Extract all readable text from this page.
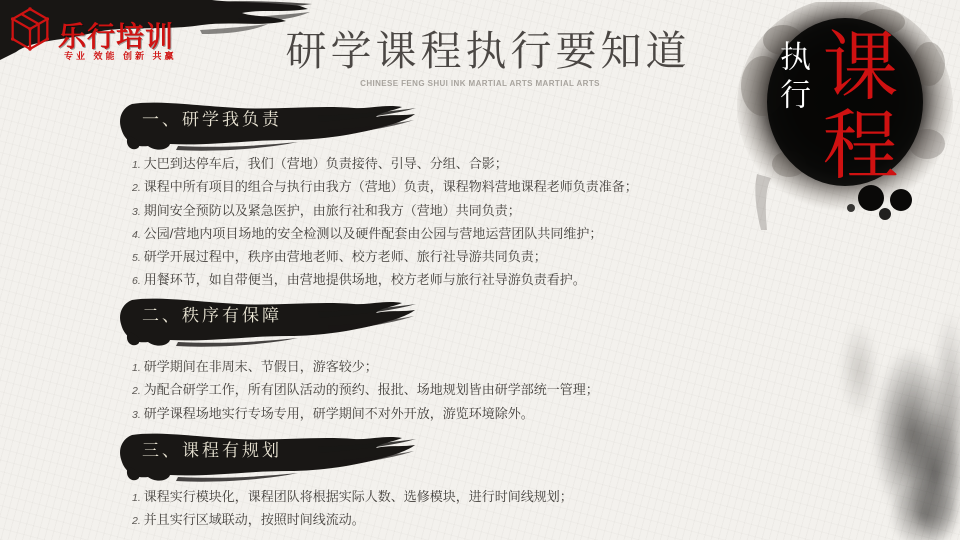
乐行培训
专业 效能 创新 共赢	研学课程执行要知道
CHINESE FENG SHUI INK MARTIAL ARTS MARTIAL ARTS	执行 课程
一、研学我负责
1. 大巴到达停车后，我们（营地）负责接待、引导、分组、合影；
2. 课程中所有项目的组合与执行由我方（营地）负责，课程物料营地课程老师负责准备；
3. 期间安全预防以及紧急医护，由旅行社和我方（营地）共同负责；
4. 公园/营地内项目场地的安全检测以及硬件配套由公园与营地运营团队共同维护；
5. 研学开展过程中，秩序由营地老师、校方老师、旅行社导游共同负责；
6. 用餐环节，如自带便当，由营地提供场地，校方老师与旅行社导游负责看护。
二、秩序有保障
1. 研学期间在非周末、节假日，游客较少；
2. 为配合研学工作，所有团队活动的预约、报批、场地规划皆由研学部统一管理；
3. 研学课程场地实行专场专用，研学期间不对外开放，游览环境除外。
三、课程有规划
1. 课程实行模块化，课程团队将根据实际人数、选修模块，进行时间线规划；
2. 并且实行区域联动，按照时间线流动。
